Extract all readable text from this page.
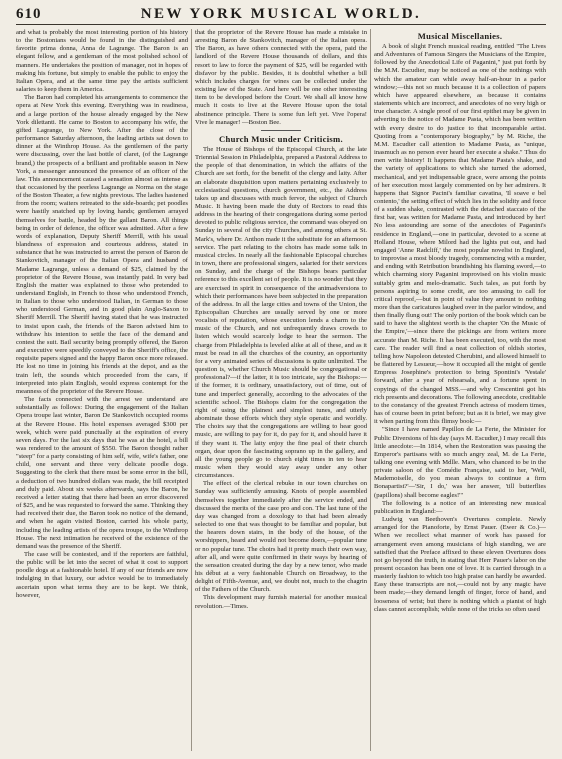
610	NEW YORK MUSICAL WORLD.

and what is probably the most interesting portion of his history to the Bostonians would be found in the distinguished and favorite prima donna, Anna de Lagrange. The Baron is an elegant fellow, and a gentleman of the most polished school of manners. He undertakes the position of manager, not in hopes of making his fortune, but simply to enable the public to enjoy the Italian Opera, and at the same time pay the artists sufficient salaries to keep them in America.

The Baron had completed his arrangements to commence the opera at New York this evening. Everything was in readiness, and a large portion of the house already engaged by the New York dilettanti. He came to Boston to accompany his wife, the gifted Lagrange, to New York. After the close of the performance Saturday afternoon, the leading artists sat down to dinner at the Winthrop House. As the gentlemen of the party were discussing, over the last bottle of claret, (of the Lagrange brand,) the prospects of a brilliant and profitable season in New York, a messenger announced the presence of an officer of the law. This announcement caused a sensation almost as intense as that occasioned by the peerless Lagrange as Norma on the stage of the Boston Theater, a few nights previous. The ladies hastened from the room; waiters retreated to the side-boards; pet poodles were hastily snatched up by loving hands; gentlemen arrayed themselves for battle, headed by the gallant Baron. All things being in order of defence, the officer was admitted. After a few words of explanation, Deputy Sheriff Merrill, with his usual blandness of expression and courteous address, stated in substance that he was instructed to arrest the person of Baron de Stankovitch, manager of the Italian Opera and husband of Madame Lagrange, unless a demand of $25, claimed by the proprietor of the Revere House, was instantly paid. In very bad English the matter was explained to those who pretended to understand English, in French to those who understood French, in Italian to those who understood Italian, in German to those who understood German, and in good plain Anglo-Saxon to Sheriff Merrill. The Sheriff having stated that he was instructed to insist upon cash, the friends of the Baron advised him to withdraw his intention to settle the face of the demand and contest the suit. Bail security being promptly offered, the Baron and executive were speedily conveyed to the Sheriff's office, the requisite papers signed and the happy Baron once more released. He lost no time in joining his friends at the depot, and as the train left, the sounds which proceeded from the cars, if interpreted into plain English, would express contempt for the meanness of the proprietor of the Revere House.

The facts connected with the arrest we understand are substantially as follows: During the engagement of the Italian Opera troupe last winter, Baron De Stankovitch occupied rooms at the Revere House. His hotel expenses averaged $300 per week, which were paid punctually at the expiration of every seven days. For the last six days that he was at the hotel, a bill was rendered to the amount of $550. The Baron thought rather "steep" for a party consisting of him self, wife, wife's father, one child, one servant and three very delicate poodle dogs. Suggesting to the clerk that there must be some error in the bill, a deduction of two hundred dollars was made, the bill receipted and duly paid. About six weeks afterwards, says the Baron, he received a letter stating that there had been an error discovered of $25, and he was requested to forward the same. Thinking they had received their due, the Baron took no notice of the demand, and when he again visited Boston, carried his whole party, including the leading artists of the opera troupe, to the Winthrop House. The next intimation he received of the existence of the demand was the presence of the Sheriff.

The case will be contested, and if the reporters are faithful, the public will be let into the secret of what it cost to support poodle dogs at a fashionable hotel. If any of our friends are now indulging in that luxury, our advice would be to immediately ascertain upon what terms they are to be kept. We think, however,

that the proprietor of the Revere House has made a mistake in arresting Baron de Stankovitch, manager of the Italian opera. The Baron, as have others connected with the opera, paid the landlord of the Revere House thousands of dollars, and this resort to law to force the payment of $25, will be regarded with disfavor by the public. Besides, it is doubtful whether a bill which includes charges for wines can be collected under the existing law of the State. And here will be one other interesting item to be developed before the Court. We shall all know how much it costs to live at the Revere House upon the total abstinence principle. There is some fun left yet. Vive l'opera! Vive le manager! —Boston Bee.

Church Music under Criticism.

The House of Bishops of the Episcopal Church, at the late Triennial Session in Philadelphia, prepared a Pastoral Address to the people of that denomination, in which the affairs of the Church are set forth, for the benefit of the clergy and laity. After an elaborate disquisition upon matters pertaining exclusively to ecclesiastical questions, church government, etc., the Address takes up and discusses with much fervor, the subject of Church Music. It having been made the duty of Rectors to read this address in the hearing of their congregations during some period devoted to public religious service, the command was obeyed on Sunday in several of the city Churches, and among others at St. Mark's, where Dr. Anthon made it the substitute for an afternoon service. The part relating to the choirs has made some talk in musical circles. In nearly all the fashionable Episcopal churches in town, there are professional singers, salaried for their services on Sunday, and the charge of the Bishops bears particular reference to this excellent set of people. It is no wonder that they are exercised in spirit in consequence of the animadversions to which their performances have been subjected in the preparation of the address. In all the large cities and towns of the Union, the Episcopalian Churches are usually served by one or more vocalists of reputation, whose execution lends a charm to the music of the Church, and not unfrequently draws crowds to listen which would scarcely lodge to hear the sermon. The charge from Philadelphia is leveled alike at all of these, and as it must be read in all the churches of the country, an opportunity for a very animated series of discussions is quite unlimited. The question is, whether Church Music should be congregational or professional?—if the latter, it is too intricate, say the Bishops:—if the former, it is ordinary, unsatisfactory, out of time, out of tune and imperfect generally, according to the advocates of the scientific school. The Bishops claim for the congregation the right of using the plainest and simplest tunes, and utterly abominate those efforts which they style operatic and worldly. The choirs say that the congregations are willing to hear good music, are willing to pay for it, do pay for it, and should have it if they want it. The laity enjoy the fine peal of their church organ, dear upon the fascinating soprano up in the gallery, and all the young people go to church eight times in ten to hear music when they would stay away under any other circumstances.

The effect of the clerical rebuke in our town churches on Sunday was sufficiently amusing. Knots of people assembled themselves together immediately after the service ended, and discussed the merits of the case pro and con. The last tune of the day was changed from a doxology to that had been already selected to one that was thought to be familiar and popular, but the hearers down stairs, in the body of the house, of the worshippers, heard and would not become doers,—popular tune or no popular tune. The choirs had it pretty much their own way, after all, and were quite confirmed in their ways by hearing of the sensation created during the day by a new tenor, who made his début at a very fashionable Church on Broadway, to the delight of Fifth-Avenue, and, we doubt not, much to the chagrin of the Fathers of the Church.

This development may furnish material for another musical revolution.—Times.

Musical Miscellanies.

A book of slight French musical reading, entitled "The Lives and Adventures of Famous Singers the Musicians of the Empire, followed by the Anecdotical Life of Paganini," just put forth by the M.M. Escudier, may be noticed as one of the nothings with which the amateur can while away half-an-hour in a parlor window;—this not so much because it is a collection of papers which have appeared elsewhere, as because it contains statements which are incorrect, and anecdotes of no very high or true character. A single proof of our first epithet may be given in adverting to the notice of Madame Pasta, which has been written with every desire to do justice to that incomparable artist. Quoting from a "contemporary biography," by M. Riche, the M.M. Escudier call attention to Madame Pasta, as "unique, inasmuch as no person ever heard her execute a shake." Thus do men write history! It happens that Madame Pasta's shake, and the variety of applications to which she turned the adorned, mechanical, and yet indispensable grace, were among the points of her execution most largely commented on by her admirers. It happens that Signor Pacini's familiar cavatina, 'Il soave e bel contento,' the setting effect of which lies in the solidity and force of a sudden shake, contrasted with the detached staccato of the first bar, was written for Madame Pasta, and introduced by her! No less astounding are some of the anecdotes of Paganini's residence in England,—one in particular, devoted to a scene at Holland House, where Milord had the lights put out, and had engaged 'Anne Radcliff,' the most popular novelist in England, to improvise a most bloody tragedy, commencing with a murder, and ending with Retribution brandishing his flaming sword,—to which charming story Paganini improvised on his violin music suitably grim and melo-dramatic. Such tales, as put forth by persons aspiring to some credit, are too amusing to call for critical reproof,—but in point of value they amount to nothing more than the caricatures laughed over in the parlor window, and then finally flung out! The only portion of the book which can be said to have the slightest worth is the chapter 'On the Music of the Empire,'—since there the pickings are from writers more accurate than M. Riche. It has been executed, too, with the most care. The reader will find a neat collection of oldish stories, telling how Napoleon detested Cherubini, and allowed himself to be flattered by Lesueur,—how it occupied all the might of gentle Empress Josephine's protection to bring Spontini's 'Vestale' forward, after a year of rehearsals, and a fortune spent in copyings of the changed MSS.—and why Crescentini got his rich presents and decorations. The following anecdote, creditable to the constancy of the greatest French actress of modern times, has of course been in print before; but as it is brief, we may give it when parting from this flimsy book:—

"Since I have named Papillon de La Ferte, the Minister for Public Diversions of his day (says M. Escudier,) I may recall this little anecdote:—In 1814, when the Restoration was passing the Emperor's partisans with so much angry zeal, M. de La Ferte, talking one evening with Mdlle. Mars, who chanced to be in the private saloon of the Comédie Française, said to her, 'Well, Mademoiselle, do you mean always to continue a firm Bonapartist?'—'Sir, I do,' was her answer, 'till butterflies (papillons) shall become eagles!'"

The following is a notice of an interesting new musical publication in England:—

Ludwig van Beethoven's Overtures complete. Newly arranged for the Pianoforte, by Ernst Pauer. (Ewer & Co.)—When we recollect what manner of work has passed for arrangement even among musicians of high standing, we are satisfied that the Preface affixed to these eleven Overtures does not go beyond the truth, in stating that Herr Pauer's labor on the present occasion has been one of love. It is carried through in a masterly fashion to which too high praise can hardly be awarded. Easy these transcripts are not,—could not by any magic have been made;—they demand length of finger, force of hand, and looseness of wrist; but there is nothing which a pianist of high class cannot accomplish; while none of the tricks so often used
